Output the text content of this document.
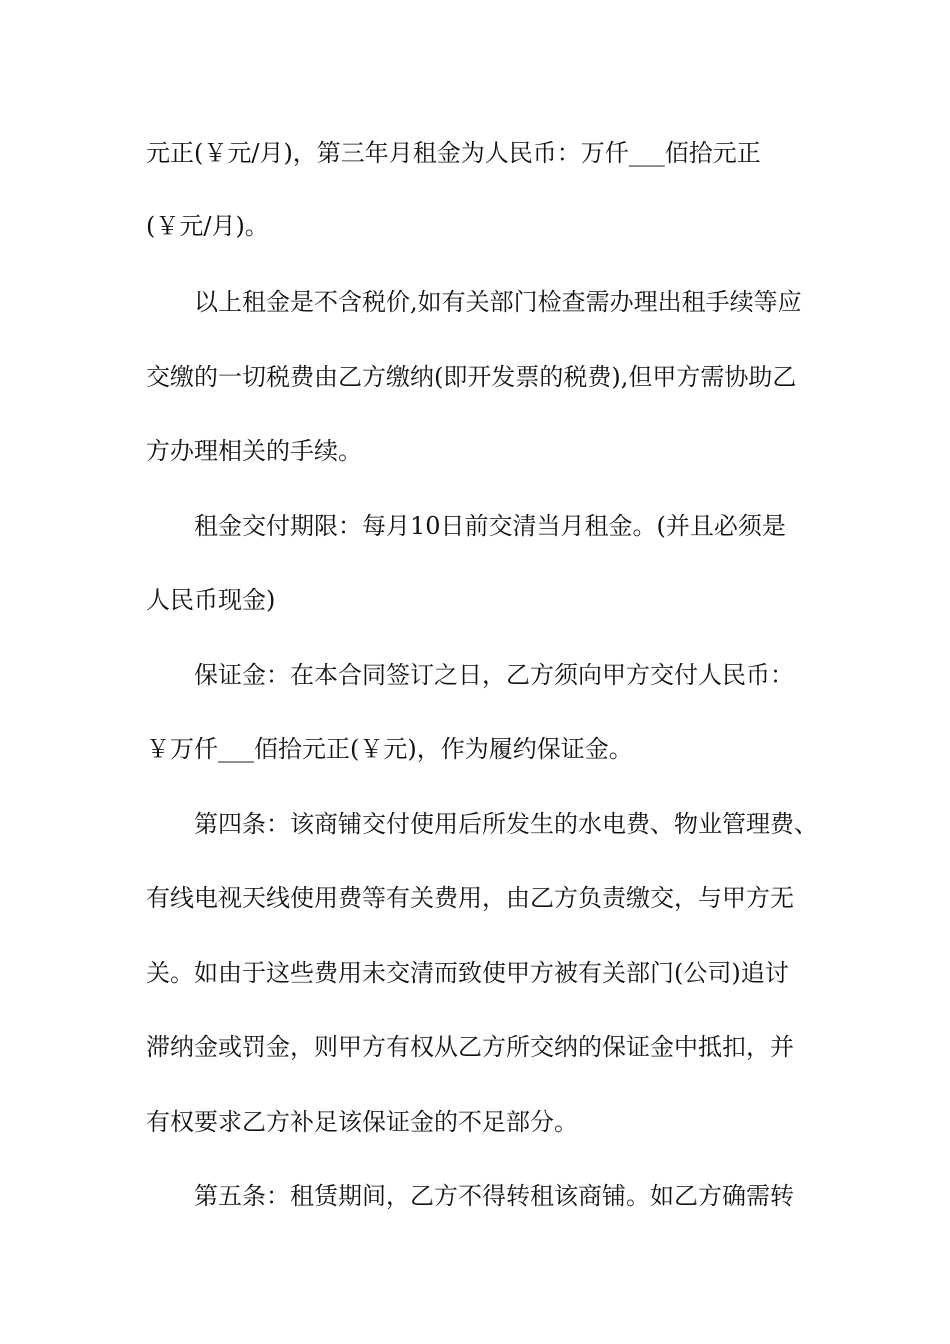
元正(￥元/月)，第三年月租金为人民币：万仟___佰拾元正
(￥元/月)。
以上租金是不含税价,如有关部门检查需办理出租手续等应
交缴的一切税费由乙方缴纳(即开发票的税费),但甲方需协助乙
方办理相关的手续。
租金交付期限：每月10日前交清当月租金。(并且必须是
人民币现金)
保证金：在本合同签订之日，乙方须向甲方交付人民币：
￥万仟___佰拾元正(￥元)，作为履约保证金。
第四条：该商铺交付使用后所发生的水电费、物业管理费、
有线电视天线使用费等有关费用，由乙方负责缴交，与甲方无
关。如由于这些费用未交清而致使甲方被有关部门(公司)追讨
滞纳金或罚金，则甲方有权从乙方所交纳的保证金中抵扣，并
有权要求乙方补足该保证金的不足部分。
第五条：租赁期间，乙方不得转租该商铺。如乙方确需转
